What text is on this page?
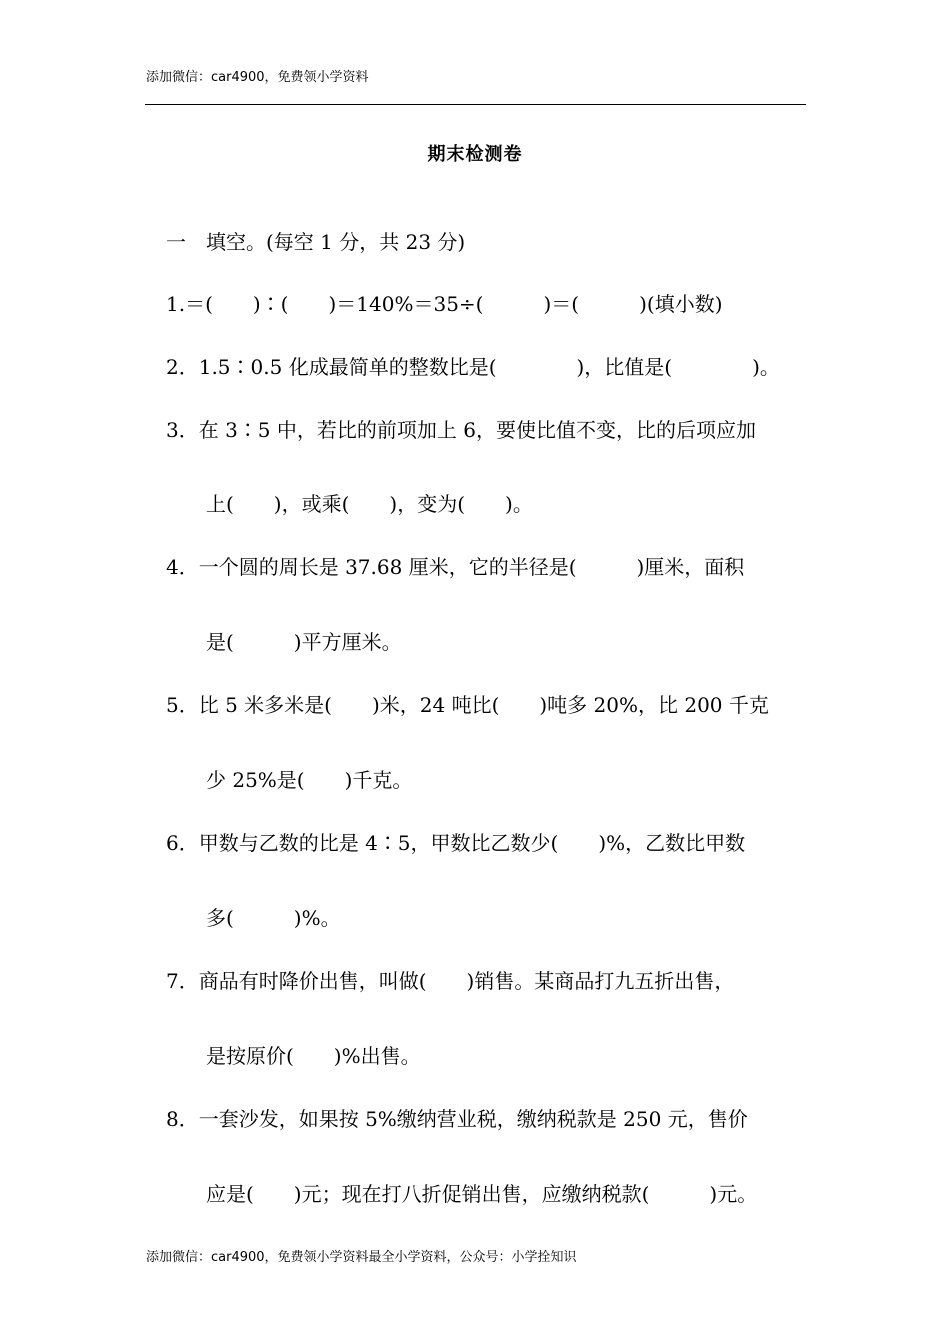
添加微信：car4900，免费领小学资料
期末检测卷
一　填空。(每空 1 分，共 23 分)
1.＝(　　)∶(　　)＝140%＝35÷(　　　)＝(　　　)(填小数)
2．1.5∶0.5 化成最简单的整数比是(　　　　)，比值是(　　　　)。
3．在 3∶5 中，若比的前项加上 6，要使比值不变，比的后项应加
上(　　)，或乘(　　)，变为(　　)。
4．一个圆的周长是 37.68 厘米，它的半径是(　　　)厘米，面积
是(　　　)平方厘米。
5．比 5 米多米是(　　)米，24 吨比(　　)吨多 20%，比 200 千克
少 25%是(　　)千克。
6．甲数与乙数的比是 4∶5，甲数比乙数少(　　)%，乙数比甲数
多(　　　)%。
7．商品有时降价出售，叫做(　　)销售。某商品打九五折出售，
是按原价(　　)%出售。
8．一套沙发，如果按 5%缴纳营业税，缴纳税款是 250 元，售价
应是(　　)元；现在打八折促销出售，应缴纳税款(　　　)元。
添加微信：car4900，免费领小学资料最全小学资料，公众号：小学拴知识
